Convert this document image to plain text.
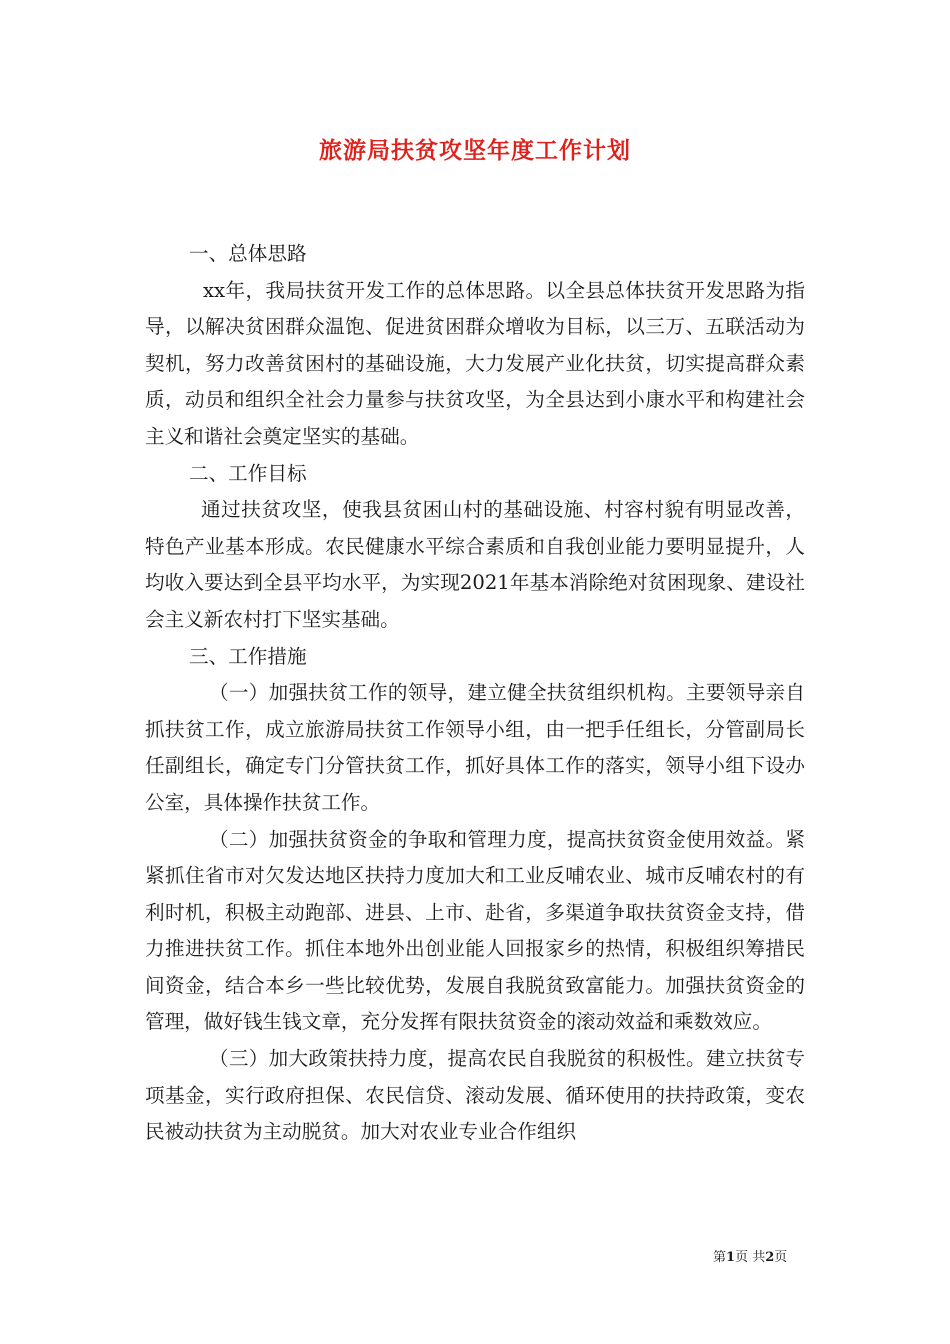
旅游局扶贫攻坚年度工作计划

一、总体思路

xx年，我局扶贫开发工作的总体思路。以全县总体扶贫开发思路为指导，以解决贫困群众温饱、促进贫困群众增收为目标，以三万、五联活动为契机，努力改善贫困村的基础设施，大力发展产业化扶贫，切实提高群众素质，动员和组织全社会力量参与扶贫攻坚，为全县达到小康水平和构建社会主义和谐社会奠定坚实的基础。

二、工作目标

通过扶贫攻坚，使我县贫困山村的基础设施、村容村貌有明显改善，特色产业基本形成。农民健康水平综合素质和自我创业能力要明显提升，人均收入要达到全县平均水平，为实现2021年基本消除绝对贫困现象、建设社会主义新农村打下坚实基础。

三、工作措施

（一）加强扶贫工作的领导，建立健全扶贫组织机构。主要领导亲自抓扶贫工作，成立旅游局扶贫工作领导小组，由一把手任组长，分管副局长任副组长，确定专门分管扶贫工作，抓好具体工作的落实，领导小组下设办公室，具体操作扶贫工作。

（二）加强扶贫资金的争取和管理力度，提高扶贫资金使用效益。紧紧抓住省市对欠发达地区扶持力度加大和工业反哺农业、城市反哺农村的有利时机，积极主动跑部、进县、上市、赴省，多渠道争取扶贫资金支持，借力推进扶贫工作。抓住本地外出创业能人回报家乡的热情，积极组织筹措民间资金，结合本乡一些比较优势，发展自我脱贫致富能力。加强扶贫资金的管理，做好钱生钱文章，充分发挥有限扶贫资金的滚动效益和乘数效应。

（三）加大政策扶持力度，提高农民自我脱贫的积极性。建立扶贫专项基金，实行政府担保、农民信贷、滚动发展、循环使用的扶持政策，变农民被动扶贫为主动脱贫。加大对农业专业合作组织

第1页 共2页
